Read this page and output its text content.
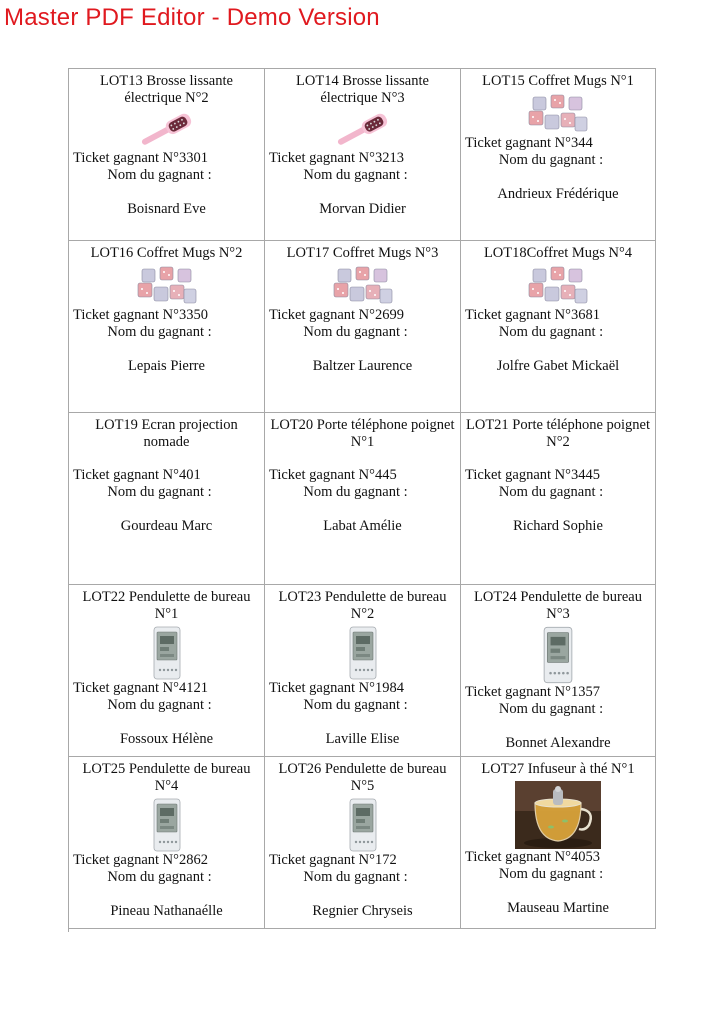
Master PDF Editor - Demo Version
LOT13 Brosse lissante électrique N°2
Ticket gagnant N°3301
Nom du gagnant :
Boisnard Eve
LOT14 Brosse lissante électrique N°3
Ticket gagnant N°3213
Nom du gagnant :
Morvan Didier
LOT15 Coffret Mugs N°1
Ticket gagnant N°344
Nom du gagnant :
Andrieux Frédérique
LOT16 Coffret Mugs N°2
Ticket gagnant N°3350
Nom du gagnant :
Lepais Pierre
LOT17 Coffret Mugs N°3
Ticket gagnant N°2699
Nom du gagnant :
Baltzer Laurence
LOT18Coffret Mugs N°4
Ticket gagnant N°3681
Nom du gagnant :
Jolfre Gabet Mickaël
LOT19 Ecran projection nomade
Ticket gagnant N°401
Nom du gagnant :
Gourdeau Marc
LOT20 Porte téléphone poignet N°1
Ticket gagnant N°445
Nom du gagnant :
Labat Amélie
LOT21 Porte téléphone poignet N°2
Ticket gagnant N°3445
Nom du gagnant :
Richard Sophie
LOT22 Pendulette de bureau N°1
Ticket gagnant N°4121
Nom du gagnant :
Fossoux Hélène
LOT23 Pendulette de bureau N°2
Ticket gagnant N°1984
Nom du gagnant :
Laville Elise
LOT24 Pendulette de bureau N°3
Ticket gagnant N°1357
Nom du gagnant :
Bonnet Alexandre
LOT25 Pendulette de bureau N°4
Ticket gagnant N°2862
Nom du gagnant :
Pineau Nathanaélle
LOT26 Pendulette de bureau N°5
Ticket gagnant N°172
Nom du gagnant :
Regnier Chryseis
LOT27 Infuseur à thé N°1
Ticket gagnant N°4053
Nom du gagnant :
Mauseau Martine
